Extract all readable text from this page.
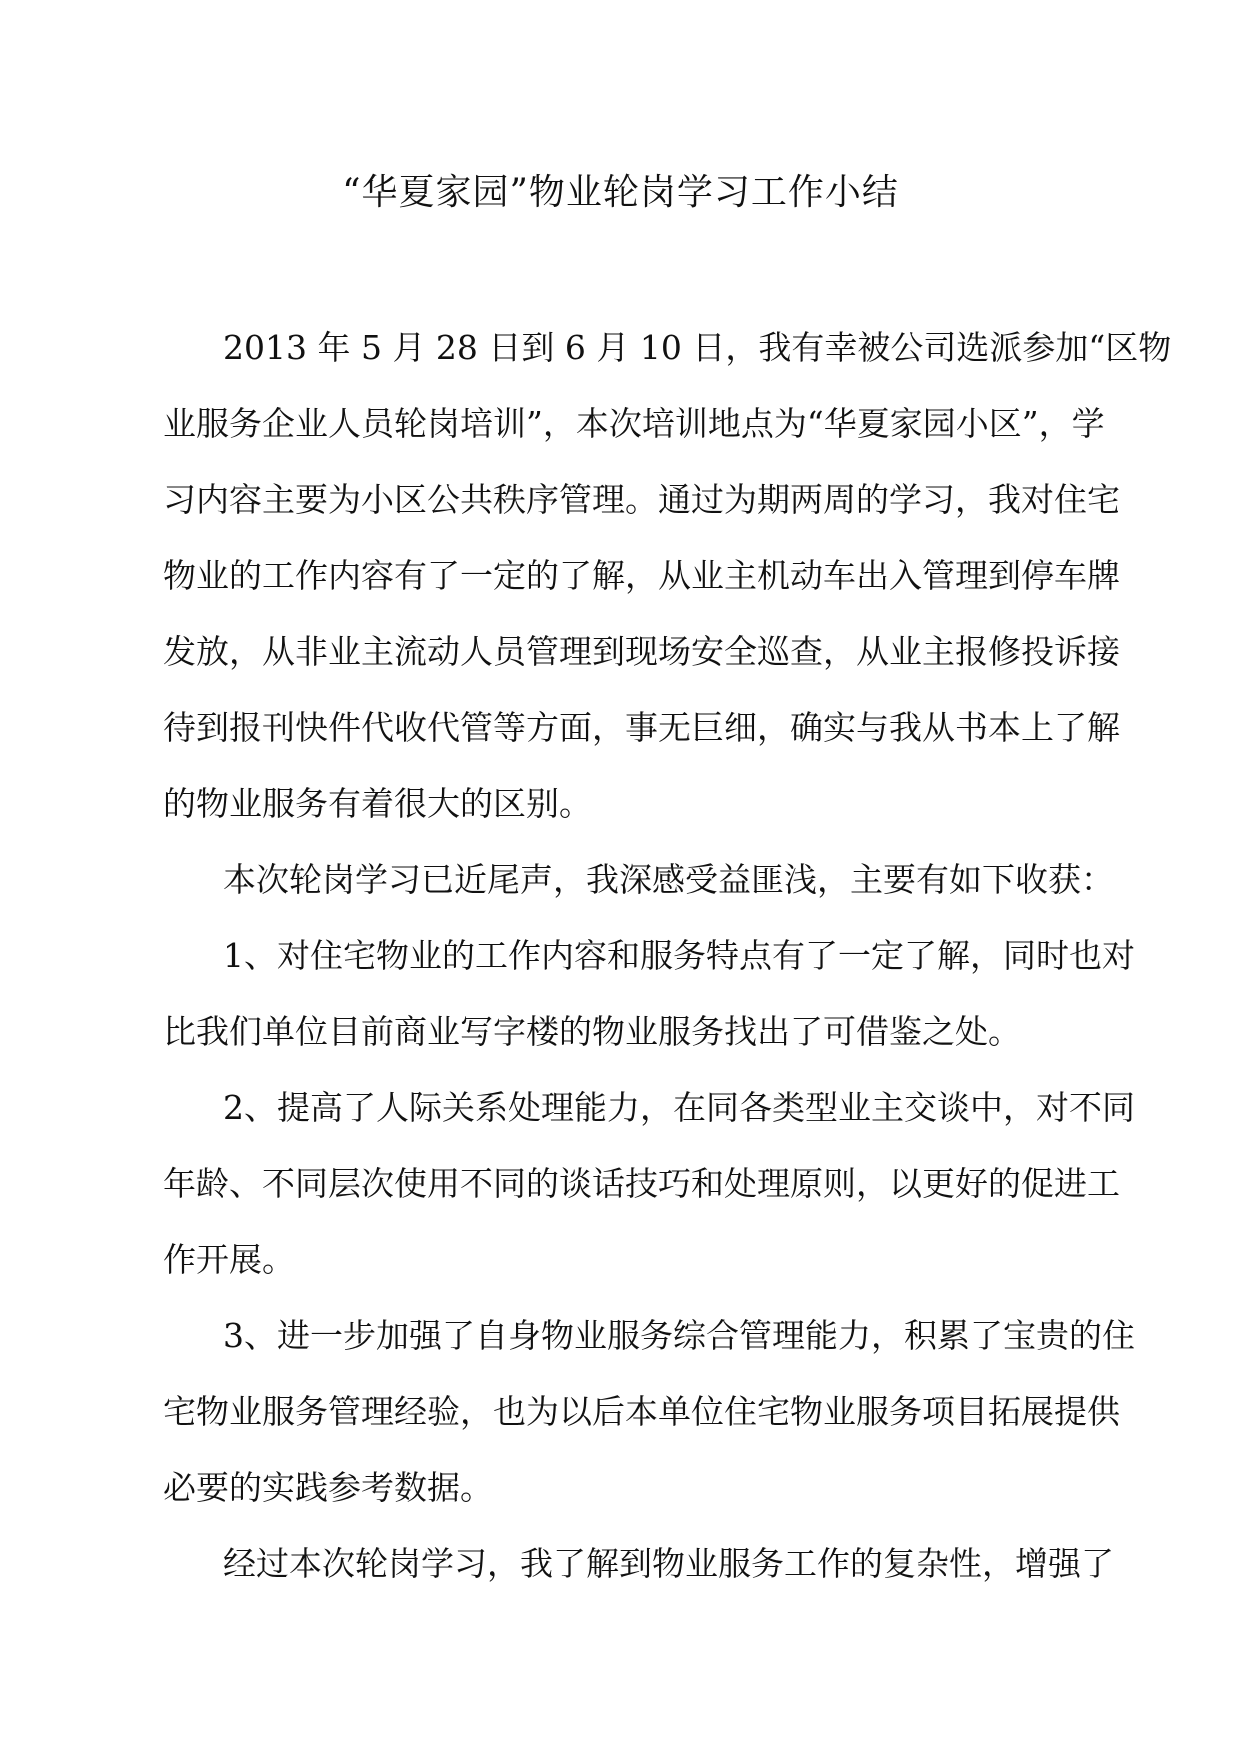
“华夏家园”物业轮岗学习工作小结
2013 年 5 月 28 日到 6 月 10 日，我有幸被公司选派参加“区物
业服务企业人员轮岗培训”，本次培训地点为“华夏家园小区”，学
习内容主要为小区公共秩序管理。通过为期两周的学习，我对住宅
物业的工作内容有了一定的了解，从业主机动车出入管理到停车牌
发放，从非业主流动人员管理到现场安全巡查，从业主报修投诉接
待到报刊快件代收代管等方面，事无巨细，确实与我从书本上了解
的物业服务有着很大的区别。
本次轮岗学习已近尾声，我深感受益匪浅，主要有如下收获：
1、对住宅物业的工作内容和服务特点有了一定了解，同时也对
比我们单位目前商业写字楼的物业服务找出了可借鉴之处。
2、提高了人际关系处理能力，在同各类型业主交谈中，对不同
年龄、不同层次使用不同的谈话技巧和处理原则，以更好的促进工
作开展。
3、进一步加强了自身物业服务综合管理能力，积累了宝贵的住
宅物业服务管理经验，也为以后本单位住宅物业服务项目拓展提供
必要的实践参考数据。
经过本次轮岗学习，我了解到物业服务工作的复杂性，增强了
